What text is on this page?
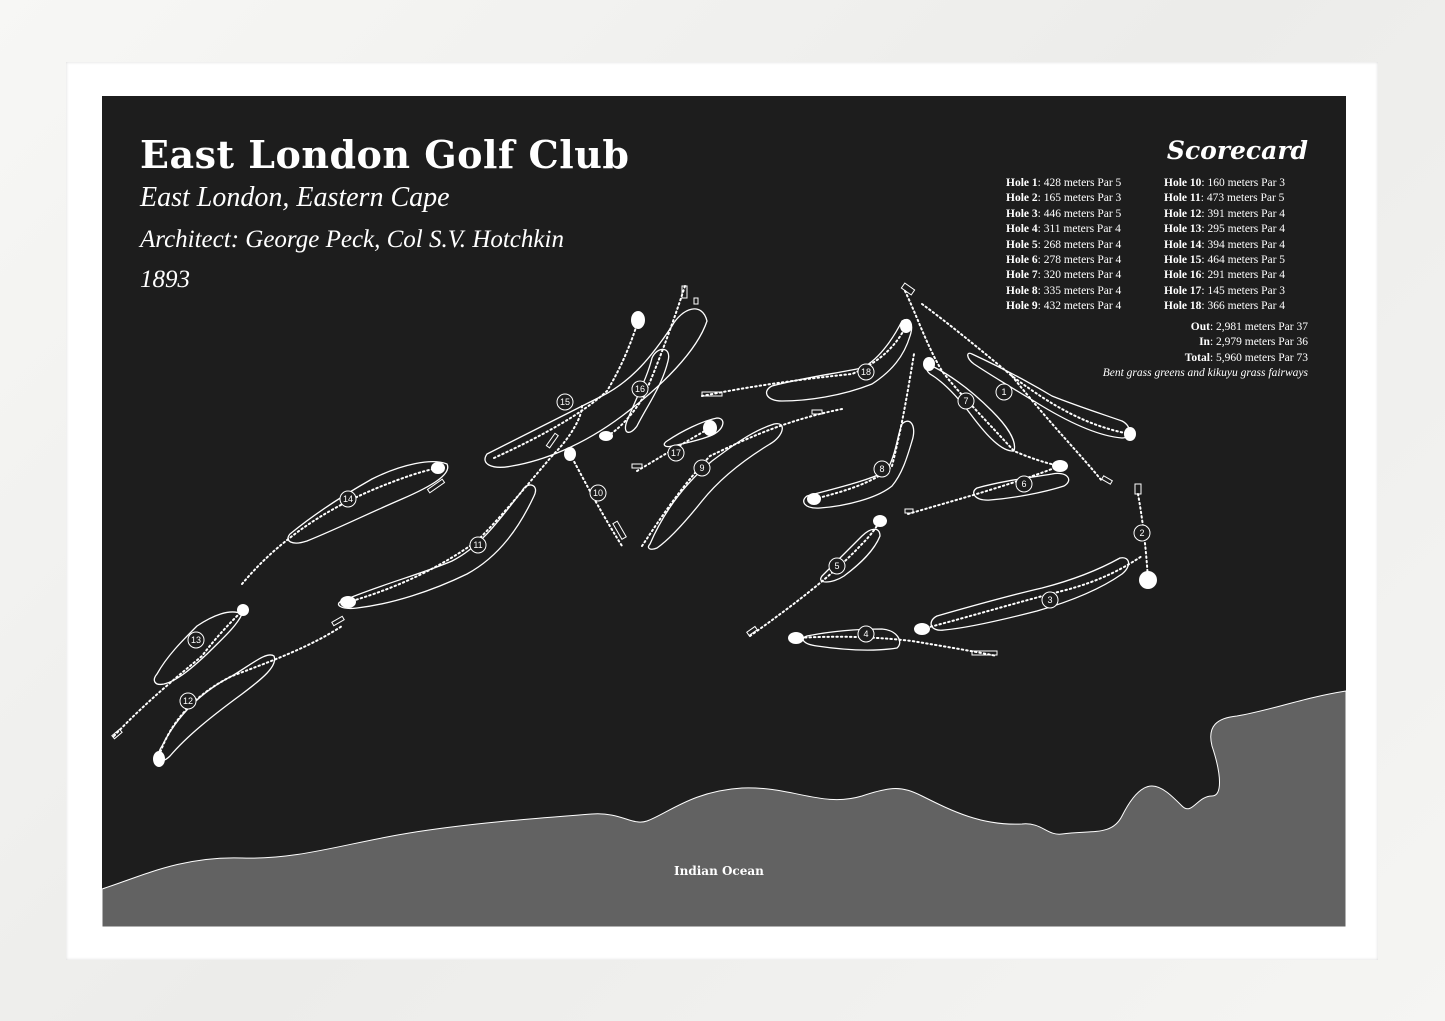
1
2
3
4
5
6
7
8
9
10
11
12
13
14
15
16
17
18
East London Golf Club
East London, Eastern Cape
Architect: George Peck, Col S.V. Hotchkin
1893
Scorecard
Hole 1: 428 meters Par 5
Hole 2: 165 meters Par 3
Hole 3: 446 meters Par 5
Hole 4: 311 meters Par 4
Hole 5: 268 meters Par 4
Hole 6: 278 meters Par 4
Hole 7: 320 meters Par 4
Hole 8: 335 meters Par 4
Hole 9: 432 meters Par 4
Hole 10: 160 meters Par 3
Hole 11: 473 meters Par 5
Hole 12: 391 meters Par 4
Hole 13: 295 meters Par 4
Hole 14: 394 meters Par 4
Hole 15: 464 meters Par 5
Hole 16: 291 meters Par 4
Hole 17: 145 meters Par 3
Hole 18: 366 meters Par 4
Out: 2,981 meters Par 37
In: 2,979 meters Par 36
Total: 5,960 meters Par 73
Bent grass greens and kikuyu grass fairways
Indian Ocean
